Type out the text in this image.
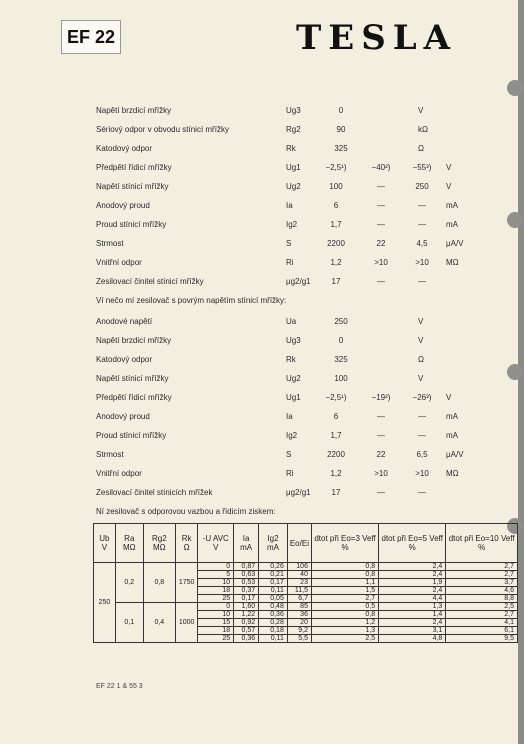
EF 22	TESLA
Napětí brzdicí mřížky	Ug3	0	V
Sériový odpor v obvodu stínicí mřížky	Rg2	90	kΩ
Katodový odpor	Rk	325	Ω
Předpětí řídicí mřížky	Ug1	−2,5¹)	−40²)	−55³) V
Napětí stínicí mřížky	Ug2	100	—	250 V
Anodový proud	Ia	6	—	—	mA
Proud stínicí mřížky	Ig2	1,7	—	—	mA
Strmost	S	2200	22	4,5 μA/V
Vnitřní odpor	Ri	1,2	>10	>10 MΩ
Zesilovací činitel stínicí mřížky	μg2/g1	17	—	—
Ví nečo mí zesilovač s povrým napětím stínicí mřížky:
Anodové napětí	Ua	250	V
Napětí brzdicí mřížky	Ug3	0	V
Katodový odpor	Rk	325	Ω
Napětí stínicí mřížky	Ug2	100	V
Předpětí řídicí mřížky	Ug1	−2,5¹)	−19²)	−26³) V
Anodový proud	Ia	6	—	—	mA
Proud stínicí mřížky	Ig2	1,7	—	—	mA
Strmost	S	2200	22	6,5 μA/V
Vnitřní odpor	Ri	1,2	>10	>10 MΩ
Zesilovací činitel stínicích mřížek	μg2/g1	17	—	—
Ní zesilovač s odporovou vazbou a řídicím ziskem:
Ub V	Ra MΩ	Rg2 MΩ	Rk Ω	-U AVC V	Ia mA	Ig2 mA	Eo/Ei	dtot při Eo=3 Veff %	dtot při Eo=5 Veff %	dtot při Eo=10 Veff %
250	0,2	0,8	1750	0	0,87	0,26	106	0,8	2,4	2,7
				5	0,63	0,21	40	0,8	2,4	2,7
				10	0,53	0,17	23	1,1	1,9	3,7
				18	0,37	0,11	11,5	1,5	2,4	4,6
				25	0,17	0,05	6,7	2,7	4,4	8,8
	0,1	0,4	1000	0	1,60	0,48	85	0,5	1,3	2,5
				10	1,22	0,36	36	0,8	1,4	2,7
				15	0,92	0,28	20	1,2	2,4	4,1
				18	0,57	0,18	9,2	1,3	3,1	6,1
				25	0,36	0,11	5,5	2,5	4,8	9,5
EF 22 1 & 55 3
